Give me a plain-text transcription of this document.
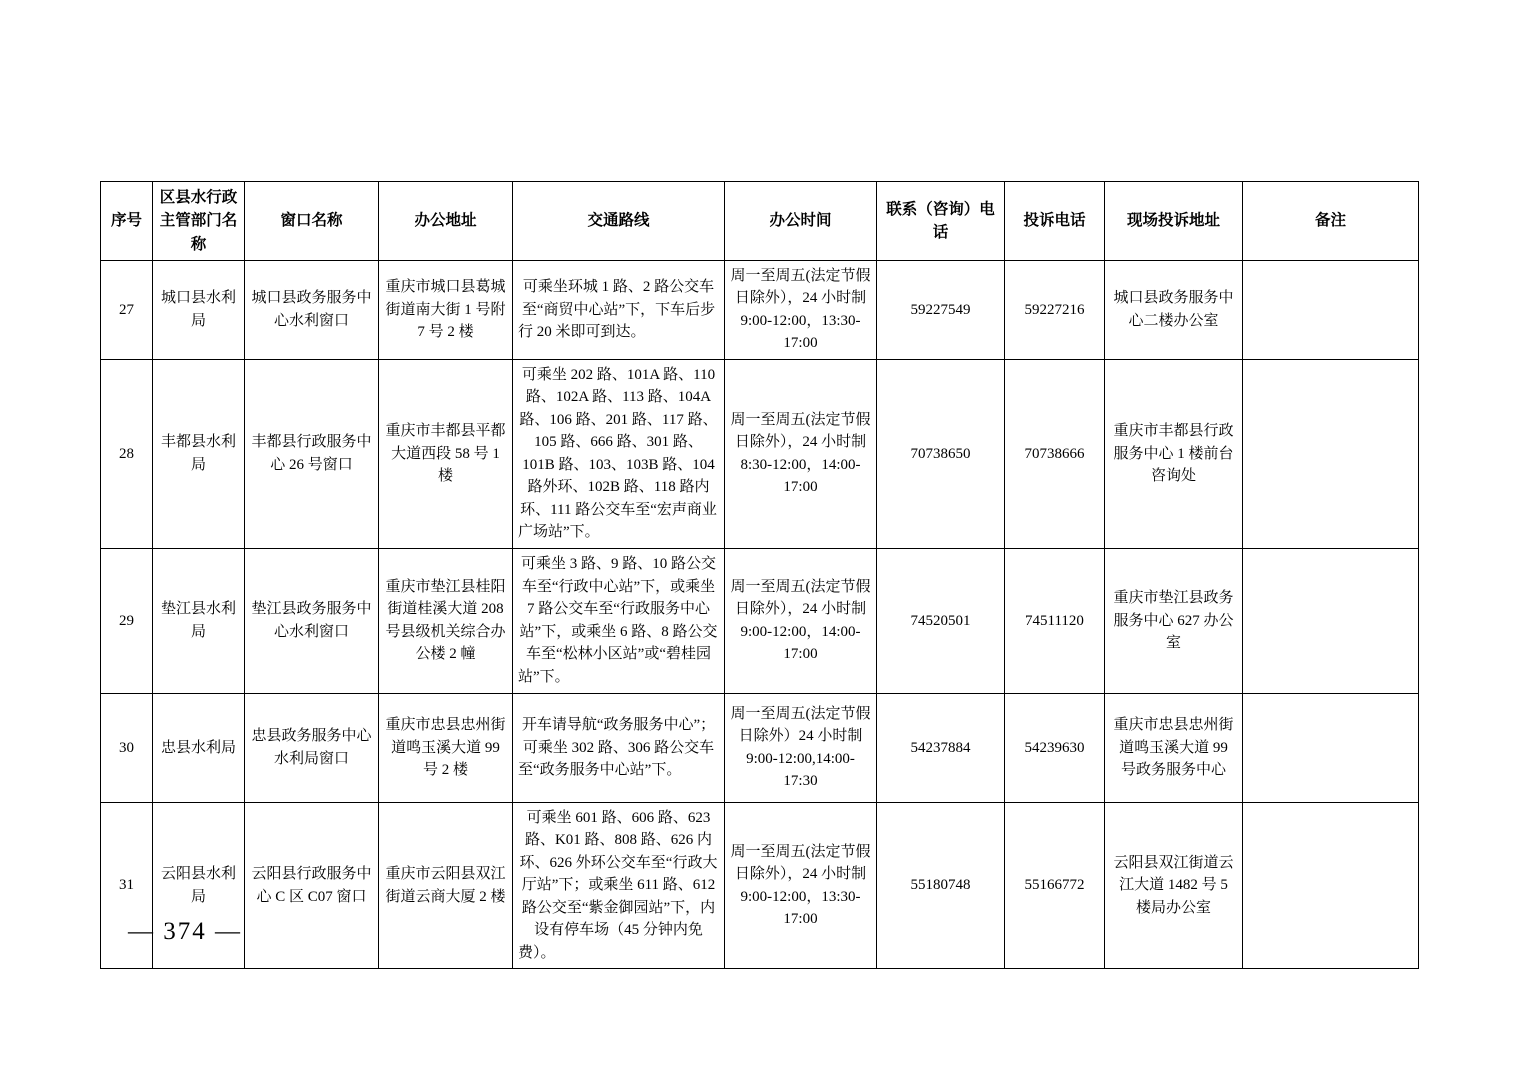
序号	区县水行政主管部门名称	窗口名称	办公地址	交通路线	办公时间	联系（咨询）电话	投诉电话	现场投诉地址	备注
27	城口县水利局	城口县政务服务中心水利窗口	重庆市城口县葛城街道南大街 1 号附 7 号 2 楼	可乘坐环城 1 路、2 路公交车至“商贸中心站”下，下车后步行 20 米即可到达。	周一至周五(法定节假日除外），24 小时制 9:00-12:00，13:30-17:00	59227549	59227216	城口县政务服务中心二楼办公室	
28	丰都县水利局	丰都县行政服务中心 26 号窗口	重庆市丰都县平都大道西段 58 号 1 楼	可乘坐 202 路、101A 路、110 路、102A 路、113 路、104A 路、106 路、201 路、117 路、105 路、666 路、301 路、101B 路、103、103B 路、104 路外环、102B 路、118 路内环、111 路公交车至“宏声商业广场站”下。	周一至周五(法定节假日除外），24 小时制 8:30-12:00，14:00-17:00	70738650	70738666	重庆市丰都县行政服务中心 1 楼前台咨询处	
29	垫江县水利局	垫江县政务服务中心水利窗口	重庆市垫江县桂阳街道桂溪大道 208 号县级机关综合办公楼 2 幢	可乘坐 3 路、9 路、10 路公交车至“行政中心站”下，或乘坐 7 路公交车至“行政服务中心站”下，或乘坐 6 路、8 路公交车至“松林小区站”或“碧桂园站”下。	周一至周五(法定节假日除外），24 小时制 9:00-12:00，14:00-17:00	74520501	74511120	重庆市垫江县政务服务中心 627 办公室	
30	忠县水利局	忠县政务服务中心水利局窗口	重庆市忠县忠州街道鸣玉溪大道 99 号 2 楼	开车请导航“政务服务中心”；可乘坐 302 路、306 路公交车至“政务服务中心站”下。	周一至周五(法定节假日除外）24 小时制 9:00-12:00,14:00-17:30	54237884	54239630	重庆市忠县忠州街道鸣玉溪大道 99 号政务服务中心	
31	云阳县水利局	云阳县行政服务中心 C 区 C07 窗口	重庆市云阳县双江街道云商大厦 2 楼	可乘坐 601 路、606 路、623 路、K01 路、808 路、626 内环、626 外环公交车至“行政大厅站”下；或乘坐 611 路、612 路公交至“紫金御园站”下，内设有停车场（45 分钟内免费）。	周一至周五(法定节假日除外），24 小时制 9:00-12:00，13:30-17:00	55180748	55166772	云阳县双江街道云江大道 1482 号 5 楼局办公室	
— 374 —
